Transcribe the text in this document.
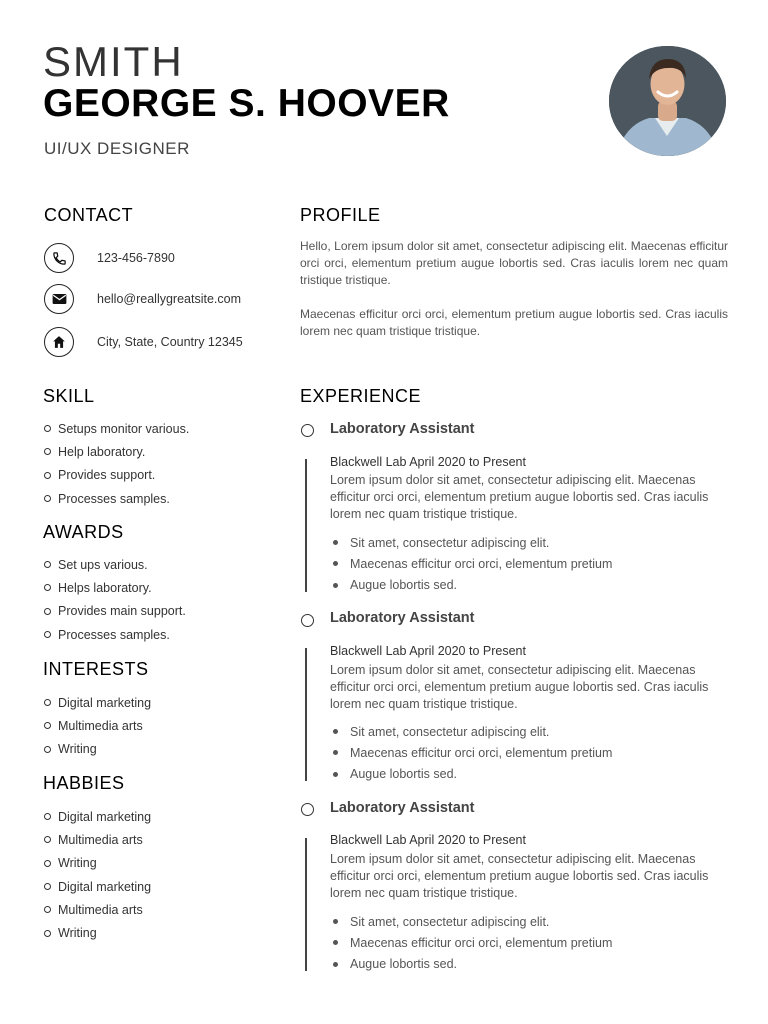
SMITH
GEORGE S. HOOVER
UI/UX DESIGNER
CONTACT
123-456-7890
hello@reallygreatsite.com
City, State, Country 12345
PROFILE

Hello, Lorem ipsum dolor sit amet, consectetur adipiscing elit. Maecenas efficitur orci orci, elementum pretium augue lobortis sed. Cras iaculis lorem nec quam tristique tristique.

Maecenas efficitur orci orci, elementum pretium augue lobortis sed. Cras iaculis lorem nec quam tristique tristique.

SKILL
Setups monitor various.
Help laboratory.
Provides support.
Processes samples.
AWARDS
Set ups various.
Helps laboratory.
Provides main support.
Processes samples.
INTERESTS
Digital marketing
Multimedia arts
Writing
HABBIES
Digital marketing
Multimedia arts
Writing
Digital marketing
Multimedia arts
Writing
EXPERIENCE
Laboratory Assistant
Blackwell Lab April 2020 to Present

Lorem ipsum dolor sit amet, consectetur adipiscing elit. Maecenas efficitur orci orci, elementum pretium augue lobortis sed. Cras iaculis lorem nec quam tristique tristique.

Sit amet, consectetur adipiscing elit.
Maecenas efficitur orci orci, elementum pretium
Augue lobortis sed.
Laboratory Assistant
Blackwell Lab April 2020 to Present

Lorem ipsum dolor sit amet, consectetur adipiscing elit. Maecenas efficitur orci orci, elementum pretium augue lobortis sed. Cras iaculis lorem nec quam tristique tristique.

Sit amet, consectetur adipiscing elit.
Maecenas efficitur orci orci, elementum pretium
Augue lobortis sed.
Laboratory Assistant
Blackwell Lab April 2020 to Present

Lorem ipsum dolor sit amet, consectetur adipiscing elit. Maecenas efficitur orci orci, elementum pretium augue lobortis sed. Cras iaculis lorem nec quam tristique tristique.

Sit amet, consectetur adipiscing elit.
Maecenas efficitur orci orci, elementum pretium
Augue lobortis sed.
